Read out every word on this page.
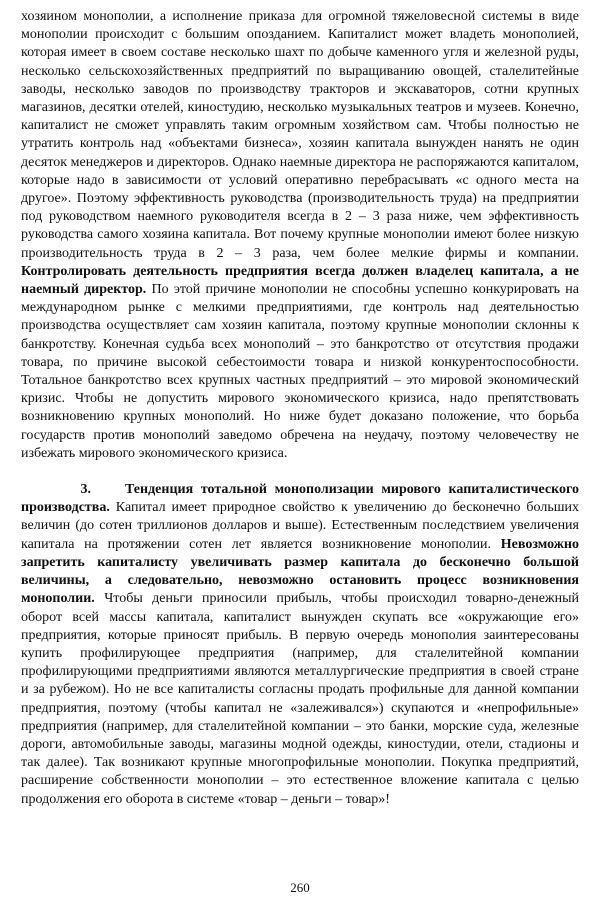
хозяином монополии, а исполнение приказа для огромной тяжеловесной системы в виде монополии происходит с большим опозданием. Капиталист может владеть монополией, которая имеет в своем составе несколько шахт по добыче каменного угля и железной руды, несколько сельскохозяйственных предприятий по выращиванию овощей, сталелитейные заводы, несколько заводов по производству тракторов и экскаваторов, сотни крупных магазинов, десятки отелей, киностудию, несколько музыкальных театров и музеев. Конечно, капиталист не сможет управлять таким огромным хозяйством сам. Чтобы полностью не утратить контроль над «объектами бизнеса», хозяин капитала вынужден нанять не один десяток менеджеров и директоров. Однако наемные директора не распоряжаются капиталом, которые надо в зависимости от условий оперативно перебрасывать «с одного места на другое». Поэтому эффективность руководства (производительность труда) на предприятии под руководством наемного руководителя всегда в 2 – 3 раза ниже, чем эффективность руководства самого хозяина капитала. Вот почему крупные монополии имеют более низкую производительность труда в 2 – 3 раза, чем более мелкие фирмы и компании. Контролировать деятельность предприятия всегда должен владелец капитала, а не наемный директор. По этой причине монополии не способны успешно конкурировать на международном рынке с мелкими предприятиями, где контроль над деятельностью производства осуществляет сам хозяин капитала, поэтому крупные монополии склонны к банкротству. Конечная судьба всех монополий – это банкротство от отсутствия продажи товара, по причине высокой себестоимости товара и низкой конкурентоспособности. Тотальное банкротство всех крупных частных предприятий – это мировой экономический кризис. Чтобы не допустить мирового экономического кризиса, надо препятствовать возникновению крупных монополий. Но ниже будет доказано положение, что борьба государств против монополий заведомо обречена на неудачу, поэтому человечеству не избежать мирового экономического кризиса.

3. Тенденция тотальной монополизации мирового капиталистического производства. Капитал имеет природное свойство к увеличению до бесконечно больших величин (до сотен триллионов долларов и выше). Естественным последствием увеличения капитала на протяжении сотен лет является возникновение монополии. Невозможно запретить капиталисту увеличивать размер капитала до бесконечно большой величины, а следовательно, невозможно остановить процесс возникновения монополии. Чтобы деньги приносили прибыль, чтобы происходил товарно-денежный оборот всей массы капитала, капиталист вынужден скупать все «окружающие его» предприятия, которые приносят прибыль. В первую очередь монополия заинтересованы купить профилирующее предприятия (например, для сталелитейной компании профилирующими предприятиями являются металлургические предприятия в своей стране и за рубежом). Но не все капиталисты согласны продать профильные для данной компании предприятия, поэтому (чтобы капитал не «залеживался») скупаются и «непрофильные» предприятия (например, для сталелитейной компании – это банки, морские суда, железные дороги, автомобильные заводы, магазины модной одежды, киностудии, отели, стадионы и так далее). Так возникают крупные многопрофильные монополии. Покупка предприятий, расширение собственности монополии – это естественное вложение капитала с целью продолжения его оборота в системе «товар – деньги – товар»!

260
